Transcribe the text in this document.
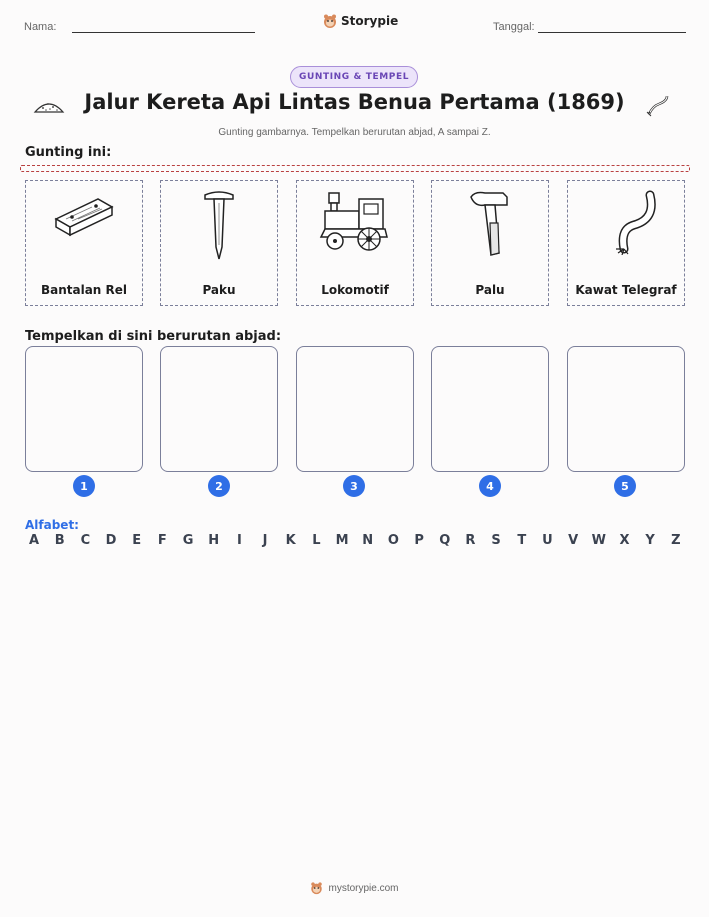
Nama:	Storypie	Tanggal:
GUNTING & TEMPEL
Jalur Kereta Api Lintas Benua Pertama (1869)
Gunting gambarnya. Tempelkan berurutan abjad, A sampai Z.
Gunting ini:
Bantalan Rel	Paku	Lokomotif	Palu	Kawat Telegraf
Tempelkan di sini berurutan abjad:
1	2	3	4	5
Alfabet:
A	B	C	D	E	F	G H	I	J	K	L	M N O	P	Q	R	S	T	U	V	W	X	Y	Z
mystorypie.com
